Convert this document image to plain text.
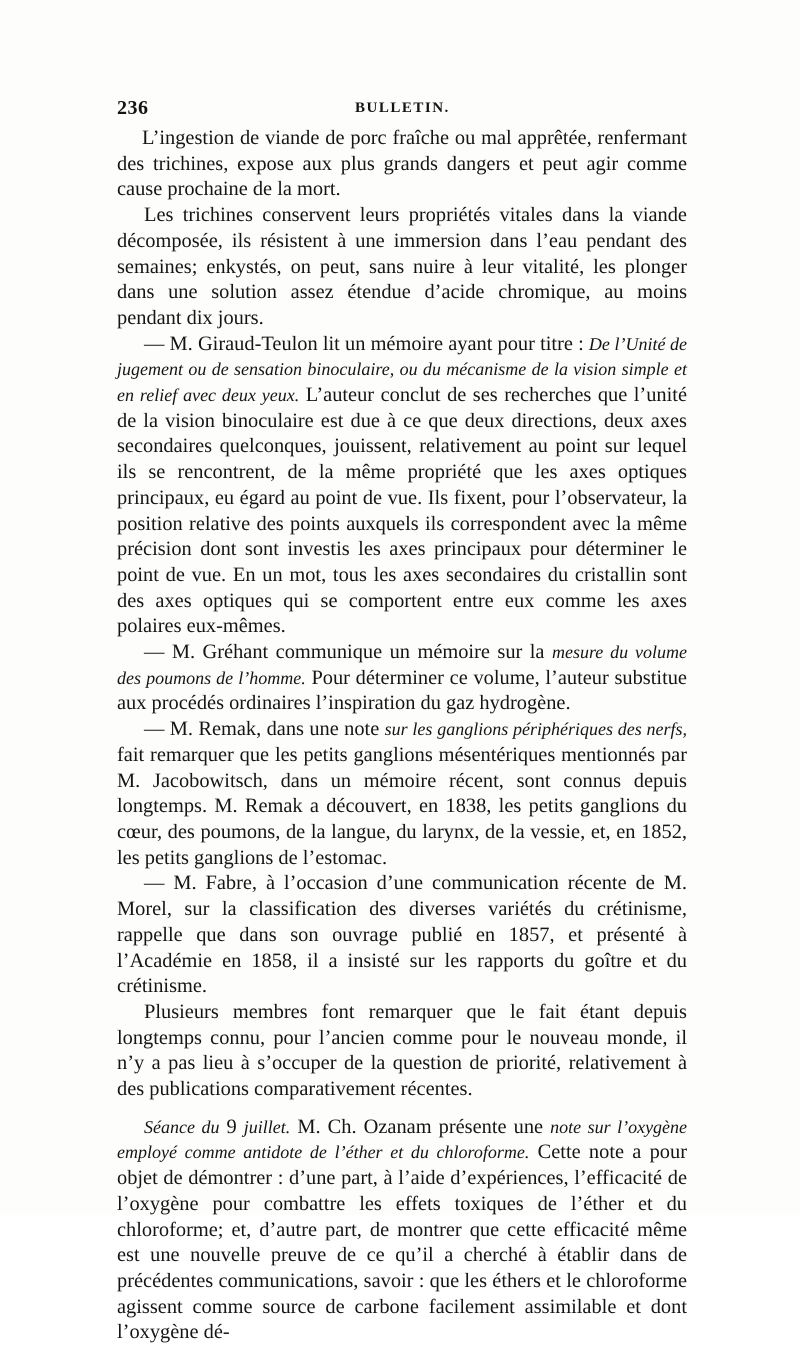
236	BULLETIN.

L’ingestion de viande de porc fraîche ou mal apprêtée, renfermant des trichines, expose aux plus grands dangers et peut agir comme cause prochaine de la mort.

Les trichines conservent leurs propriétés vitales dans la viande décomposée, ils résistent à une immersion dans l’eau pendant des semaines; enkystés, on peut, sans nuire à leur vitalité, les plonger dans une solution assez étendue d’acide chromique, au moins pendant dix jours.

— M. Giraud-Teulon lit un mémoire ayant pour titre : De l’Unité de jugement ou de sensation binoculaire, ou du mécanisme de la vision simple et en relief avec deux yeux. L’auteur conclut de ses recherches que l’unité de la vision binoculaire est due à ce que deux directions, deux axes secondaires quelconques, jouissent, relativement au point sur lequel ils se rencontrent, de la même propriété que les axes optiques principaux, eu égard au point de vue. Ils fixent, pour l’observateur, la position relative des points auxquels ils correspondent avec la même précision dont sont investis les axes principaux pour déterminer le point de vue. En un mot, tous les axes secondaires du cristallin sont des axes optiques qui se comportent entre eux comme les axes polaires eux-mêmes.

— M. Gréhant communique un mémoire sur la mesure du volume des poumons de l’homme. Pour déterminer ce volume, l’auteur substitue aux procédés ordinaires l’inspiration du gaz hydrogène.

— M. Remak, dans une note sur les ganglions périphériques des nerfs, fait remarquer que les petits ganglions mésentériques mentionnés par M. Jacobowitsch, dans un mémoire récent, sont connus depuis longtemps. M. Remak a découvert, en 1838, les petits ganglions du cœur, des poumons, de la langue, du larynx, de la vessie, et, en 1852, les petits ganglions de l’estomac.

— M. Fabre, à l’occasion d’une communication récente de M. Morel, sur la classification des diverses variétés du crétinisme, rappelle que dans son ouvrage publié en 1857, et présenté à l’Académie en 1858, il a insisté sur les rapports du goître et du crétinisme.

Plusieurs membres font remarquer que le fait étant depuis longtemps connu, pour l’ancien comme pour le nouveau monde, il n’y a pas lieu à s’occuper de la question de priorité, relativement à des publications comparativement récentes.

Séance du 9 juillet. M. Ch. Ozanam présente une note sur l’oxygène employé comme antidote de l’éther et du chloroforme. Cette note a pour objet de démontrer : d’une part, à l’aide d’expériences, l’efficacité de l’oxygène pour combattre les effets toxiques de l’éther et du chloroforme; et, d’autre part, de montrer que cette efficacité même est une nouvelle preuve de ce qu’il a cherché à établir dans de précédentes communications, savoir : que les éthers et le chloroforme agissent comme source de carbone facilement assimilable et dont l’oxygène dé-
